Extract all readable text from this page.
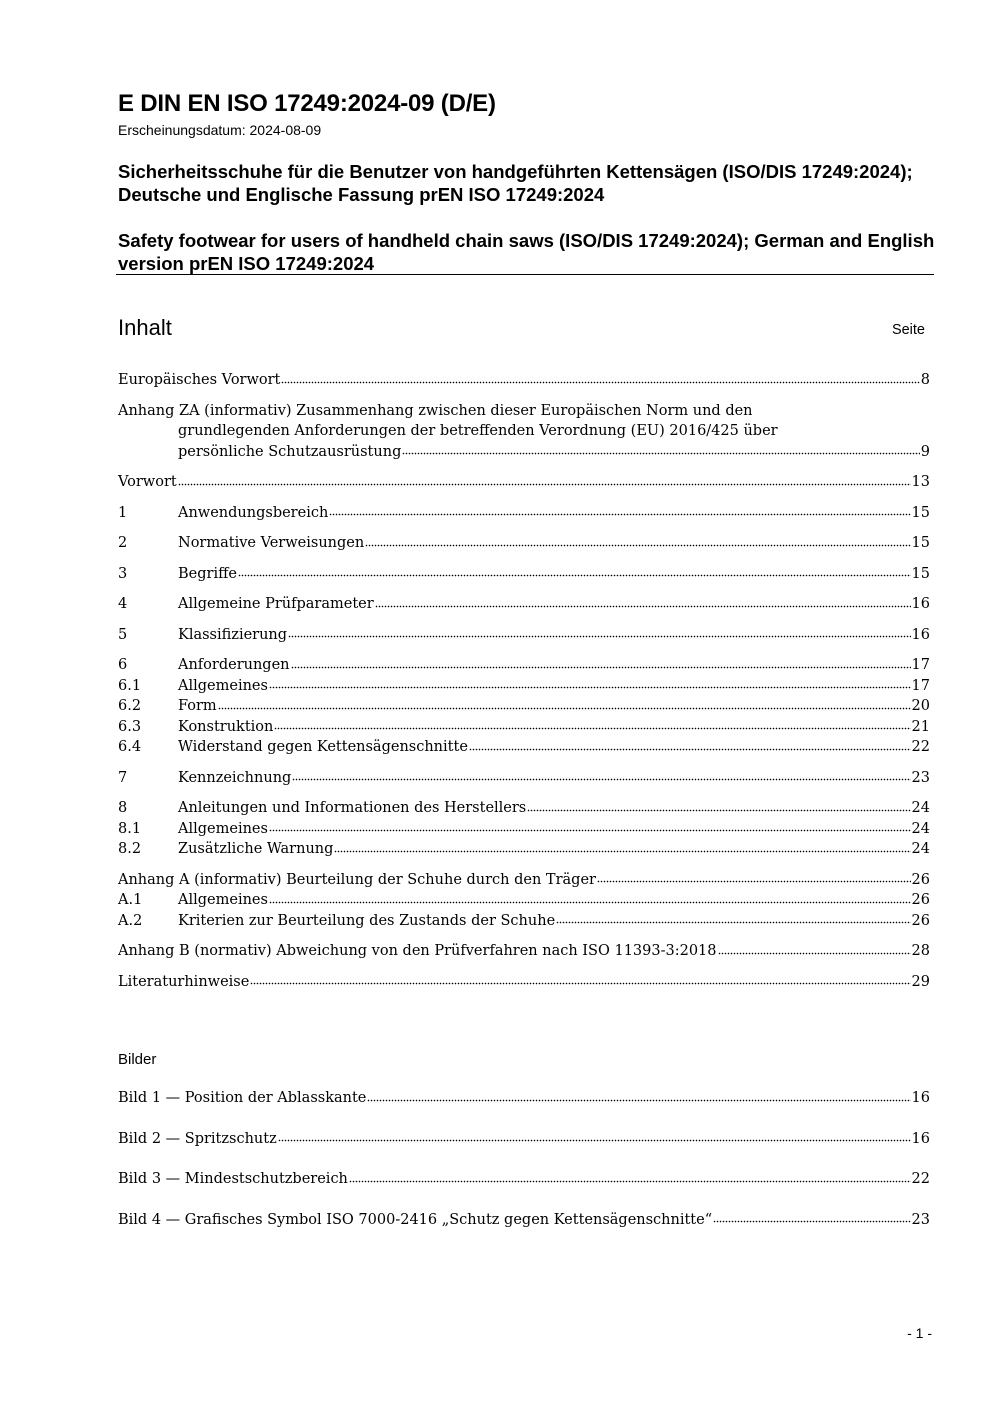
E DIN EN ISO 17249:2024-09 (D/E)
Erscheinungsdatum: 2024-08-09
Sicherheitsschuhe für die Benutzer von handgeführten Kettensägen (ISO/DIS 17249:2024); Deutsche und Englische Fassung prEN ISO 17249:2024
Safety footwear for users of handheld chain saws (ISO/DIS 17249:2024); German and English version prEN ISO 17249:2024
Inhalt	Seite
Europäisches Vorwort	8
Anhang ZA (informativ) Zusammenhang zwischen dieser Europäischen Norm und den
grundlegenden Anforderungen der betreffenden Verordnung (EU) 2016/425 über
persönliche Schutzausrüstung	9
Vorwort	13
1	Anwendungsbereich	15
2	Normative Verweisungen	15
3	Begriffe	15
4	Allgemeine Prüfparameter	16
5	Klassifizierung	16
6	Anforderungen	17
6.1	Allgemeines	17
6.2	Form	20
6.3	Konstruktion	21
6.4	Widerstand gegen Kettensägenschnitte	22
7	Kennzeichnung	23
8	Anleitungen und Informationen des Herstellers	24
8.1	Allgemeines	24
8.2	Zusätzliche Warnung	24
Anhang A (informativ) Beurteilung der Schuhe durch den Träger	26
A.1	Allgemeines	26
A.2	Kriterien zur Beurteilung des Zustands der Schuhe	26
Anhang B (normativ) Abweichung von den Prüfverfahren nach ISO 11393-3:2018	28
Literaturhinweise	29
Bilder
Bild 1 — Position der Ablasskante	16
Bild 2 — Spritzschutz	16
Bild 3 — Mindestschutzbereich	22
Bild 4 — Grafisches Symbol ISO 7000-2416 „Schutz gegen Kettensägenschnitte“	23
- 1 -
